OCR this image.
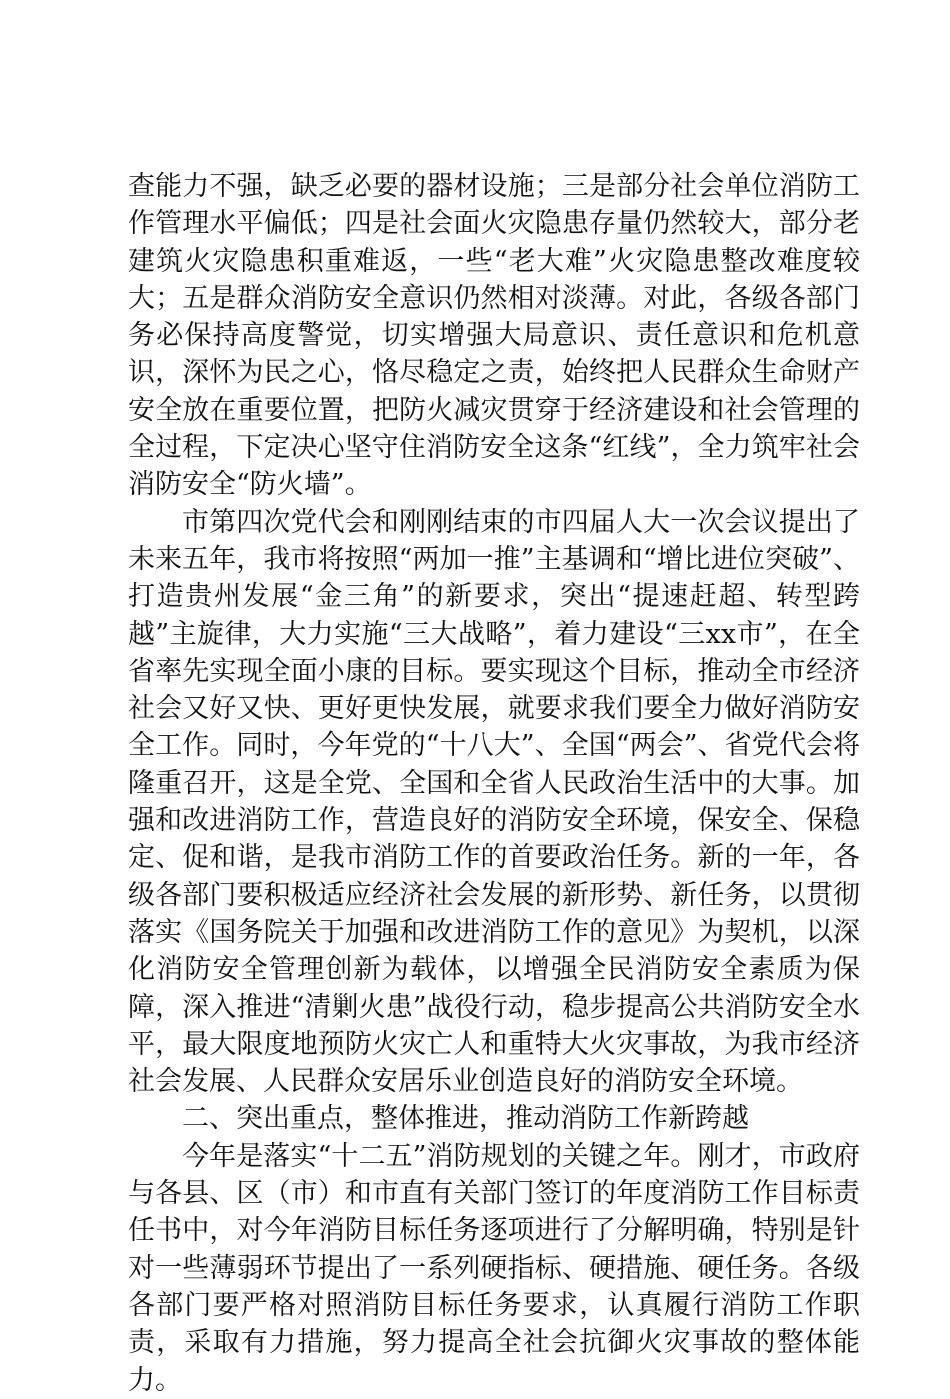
查能力不强，缺乏必要的器材设施；三是部分社会单位消防工作管理水平偏低；四是社会面火灾隐患存量仍然较大，部分老建筑火灾隐患积重难返，一些“老大难”火灾隐患整改难度较大；五是群众消防安全意识仍然相对淡薄。对此，各级各部门务必保持高度警觉，切实增强大局意识、责任意识和危机意识，深怀为民之心，恪尽稳定之责，始终把人民群众生命财产安全放在重要位置，把防火减灾贯穿于经济建设和社会管理的全过程，下定决心坚守住消防安全这条“红线”，全力筑牢社会消防安全“防火墙”。

市第四次党代会和刚刚结束的市四届人大一次会议提出了未来五年，我市将按照“两加一推”主基调和“增比进位突破”、打造贵州发展“金三角”的新要求，突出“提速赶超、转型跨越”主旋律，大力实施“三大战略”，着力建设“三xx市”，在全省率先实现全面小康的目标。要实现这个目标，推动全市经济社会又好又快、更好更快发展，就要求我们要全力做好消防安全工作。同时，今年党的“十八大”、全国“两会”、省党代会将隆重召开，这是全党、全国和全省人民政治生活中的大事。加强和改进消防工作，营造良好的消防安全环境，保安全、保稳定、促和谐，是我市消防工作的首要政治任务。新的一年，各级各部门要积极适应经济社会发展的新形势、新任务，以贯彻落实《国务院关于加强和改进消防工作的意见》为契机，以深化消防安全管理创新为载体，以增强全民消防安全素质为保障，深入推进“清剿火患”战役行动，稳步提高公共消防安全水平，最大限度地预防火灾亡人和重特大火灾事故，为我市经济社会发展、人民群众安居乐业创造良好的消防安全环境。

二、突出重点，整体推进，推动消防工作新跨越

今年是落实“十二五”消防规划的关键之年。刚才，市政府与各县、区（市）和市直有关部门签订的年度消防工作目标责任书中，对今年消防目标任务逐项进行了分解明确，特别是针对一些薄弱环节提出了一系列硬指标、硬措施、硬任务。各级各部门要严格对照消防目标任务要求，认真履行消防工作职责，采取有力措施，努力提高全社会抗御火灾事故的整体能力。
